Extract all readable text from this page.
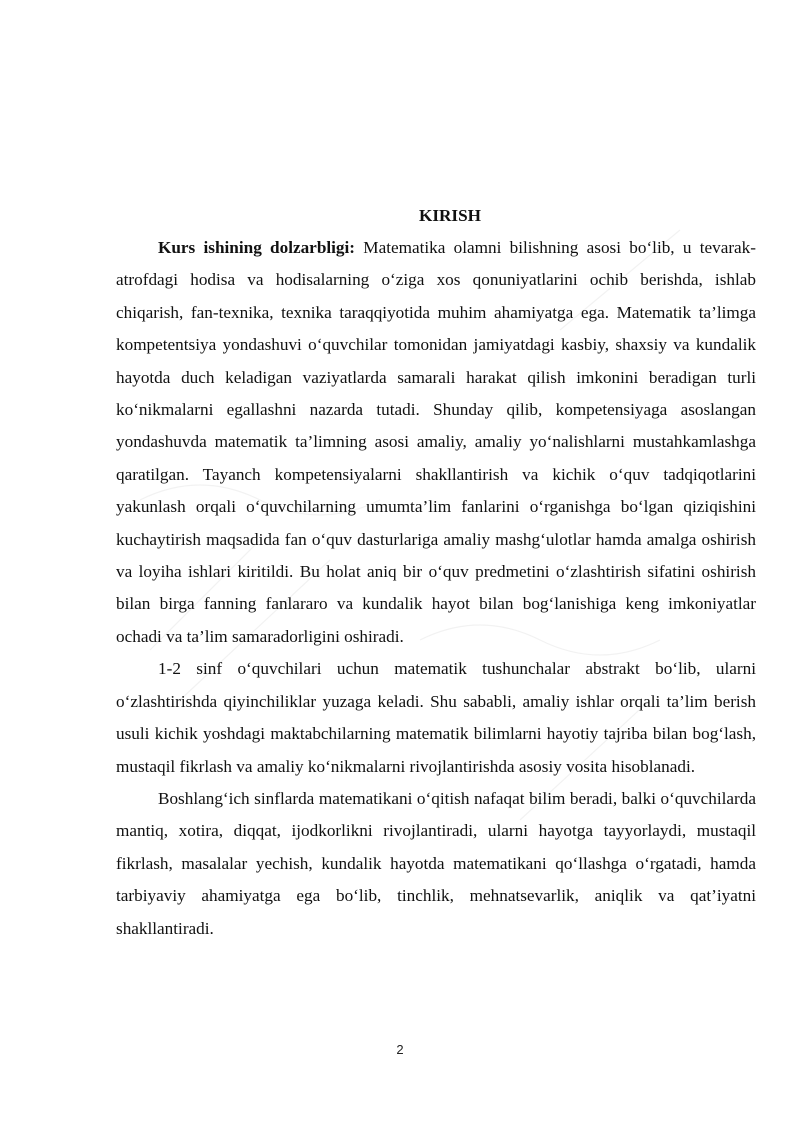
KIRISH

Kurs ishining dolzarbligi: Matematika olamni bilishning asosi bo‘lib, u tevarak-atrofdagi hodisa va hodisalarning o‘ziga xos qonuniyatlarini ochib berishda, ishlab chiqarish, fan-texnika, texnika taraqqiyotida muhim ahamiyatga ega. Matematik ta’limga kompetentsiya yondashuvi o‘quvchilar tomonidan jamiyatdagi kasbiy, shaxsiy va kundalik hayotda duch keladigan vaziyatlarda samarali harakat qilish imkonini beradigan turli ko‘nikmalarni egallashni nazarda tutadi. Shunday qilib, kompetensiyaga asoslangan yondashuvda matematik ta’limning asosi amaliy, amaliy yo‘nalishlarni mustahkamlashga qaratilgan. Tayanch kompetensiyalarni shakllantirish va kichik o‘quv tadqiqotlarini yakunlash orqali o‘quvchilarning umumta’lim fanlarini o‘rganishga bo‘lgan qiziqishini kuchaytirish maqsadida fan o‘quv dasturlariga amaliy mashg‘ulotlar hamda amalga oshirish va loyiha ishlari kiritildi. Bu holat aniq bir o‘quv predmetini o‘zlashtirish sifatini oshirish bilan birga fanning fanlararo va kundalik hayot bilan bog‘lanishiga keng imkoniyatlar ochadi va ta’lim samaradorligini oshiradi.

1-2 sinf o‘quvchilari uchun matematik tushunchalar abstrakt bo‘lib, ularni o‘zlashtirishda qiyinchiliklar yuzaga keladi. Shu sababli, amaliy ishlar orqali ta’lim berish usuli kichik yoshdagi maktabchilarning matematik bilimlarni hayotiy tajriba bilan bog‘lash, mustaqil fikrlash va amaliy ko‘nikmalarni rivojlantirishda asosiy vosita hisoblanadi.

Boshlang‘ich sinflarda matematikani o‘qitish nafaqat bilim beradi, balki o‘quvchilarda mantiq, xotira, diqqat, ijodkorlikni rivojlantiradi, ularni hayotga tayyorlaydi, mustaqil fikrlash, masalalar yechish, kundalik hayotda matematikani qo‘llashga o‘rgatadi, hamda tarbiyaviy ahamiyatga ega bo‘lib, tinchlik, mehnatsevarlik, aniqlik va qat’iyatni shakllantiradi.

2
